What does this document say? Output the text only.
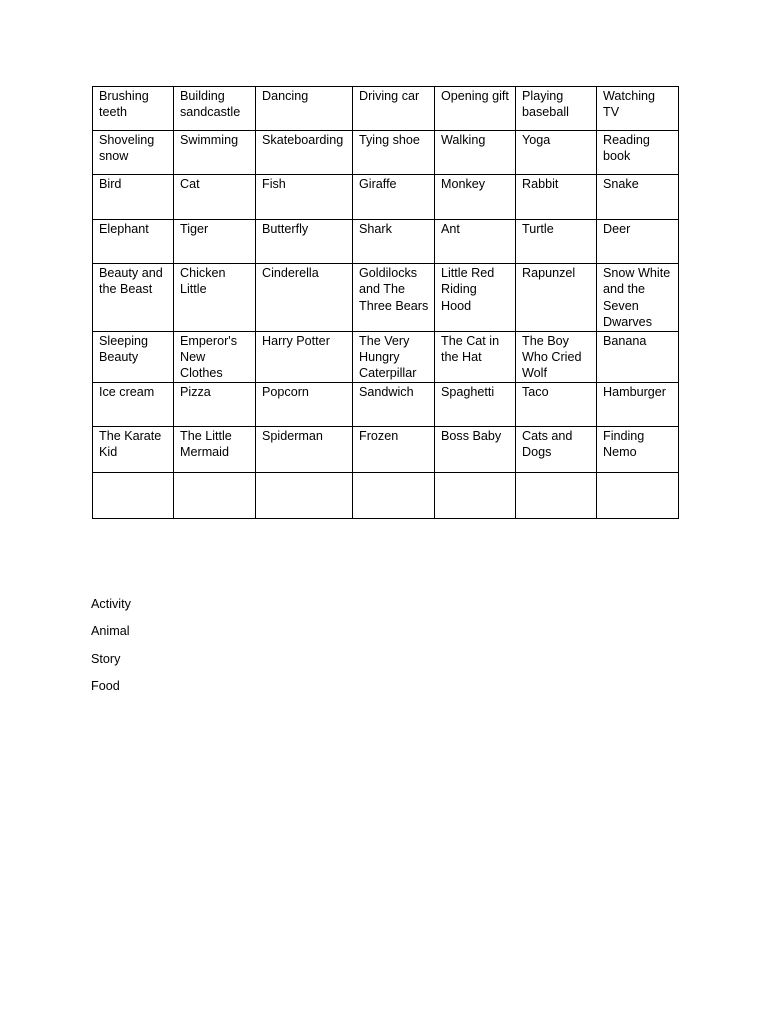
Brushing teeth	Building sandcastle	Dancing	Driving car	Opening gift	Playing baseball	Watching TV
Shoveling snow	Swimming	Skateboarding	Tying shoe	Walking	Yoga	Reading book
Bird	Cat	Fish	Giraffe	Monkey	Rabbit	Snake
Elephant	Tiger	Butterfly	Shark	Ant	Turtle	Deer
Beauty and the Beast	Chicken Little	Cinderella	Goldilocks and The Three Bears	Little Red Riding Hood	Rapunzel	Snow White and the Seven Dwarves
Sleeping Beauty	Emperor's New Clothes	Harry Potter	The Very Hungry Caterpillar	The Cat in the Hat	The Boy Who Cried Wolf	Banana
Ice cream	Pizza	Popcorn	Sandwich	Spaghetti	Taco	Hamburger
The Karate Kid	The Little Mermaid	Spiderman	Frozen	Boss Baby	Cats and Dogs	Finding Nemo

Activity
Animal
Story
Food
